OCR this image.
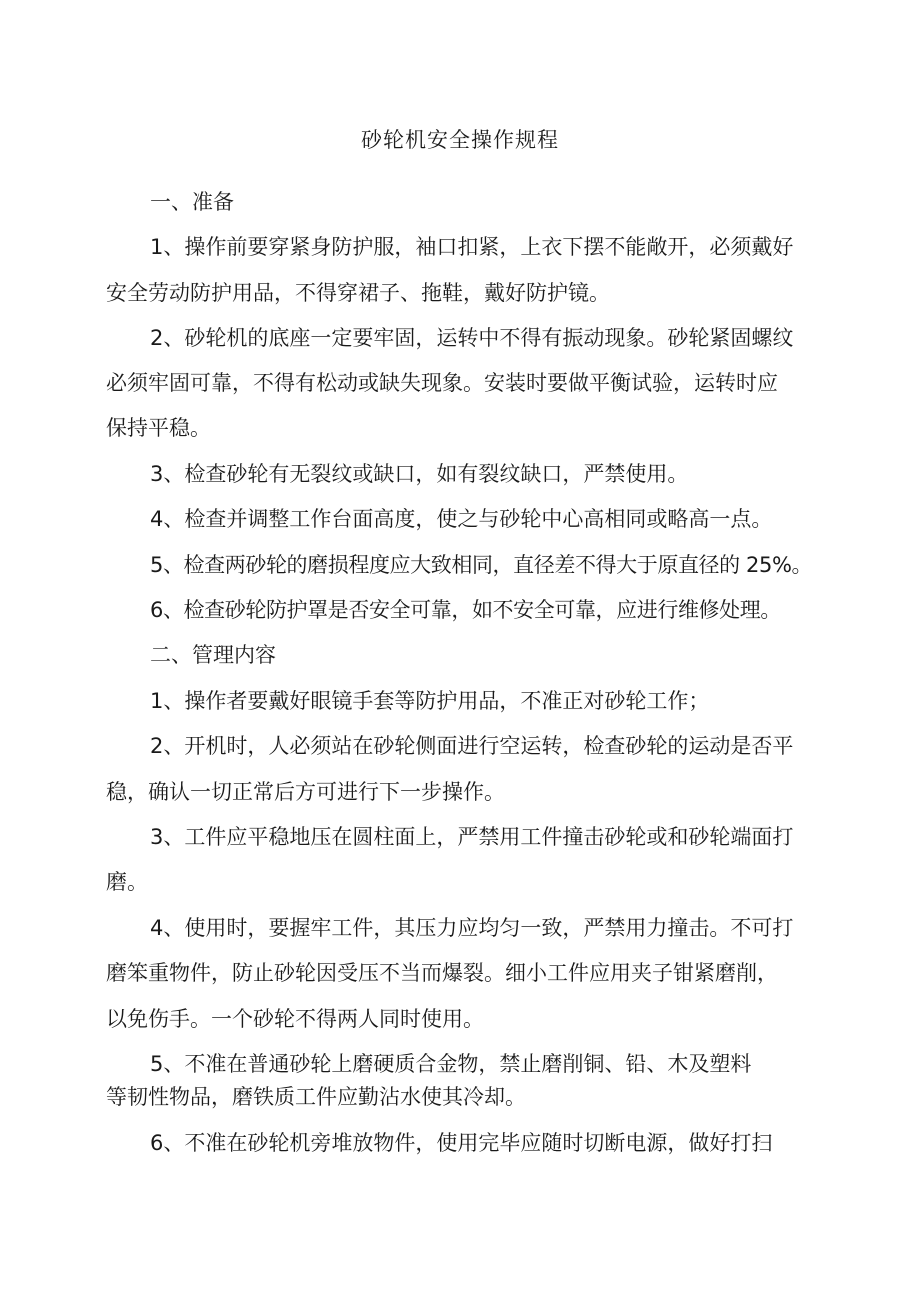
砂轮机安全操作规程
一、准备
1、操作前要穿紧身防护服，袖口扣紧，上衣下摆不能敞开，必须戴好
安全劳动防护用品，不得穿裙子、拖鞋，戴好防护镜。
2、砂轮机的底座一定要牢固，运转中不得有振动现象。砂轮紧固螺纹
必须牢固可靠，不得有松动或缺失现象。安装时要做平衡试验，运转时应
保持平稳。
3、检查砂轮有无裂纹或缺口，如有裂纹缺口，严禁使用。
4、检查并调整工作台面高度，使之与砂轮中心高相同或略高一点。
5、检查两砂轮的磨损程度应大致相同，直径差不得大于原直径的 25%。
6、检查砂轮防护罩是否安全可靠，如不安全可靠，应进行维修处理。
二、管理内容
1、操作者要戴好眼镜手套等防护用品，不准正对砂轮工作；
2、开机时，人必须站在砂轮侧面进行空运转，检查砂轮的运动是否平
稳，确认一切正常后方可进行下一步操作。
3、工件应平稳地压在圆柱面上，严禁用工件撞击砂轮或和砂轮端面打
磨。
4、使用时，要握牢工件，其压力应均匀一致，严禁用力撞击。不可打
磨笨重物件，防止砂轮因受压不当而爆裂。细小工件应用夹子钳紧磨削，
以免伤手。一个砂轮不得两人同时使用。
5、不准在普通砂轮上磨硬质合金物，禁止磨削铜、铅、木及塑料
等韧性物品，磨铁质工件应勤沾水使其冷却。
6、不准在砂轮机旁堆放物件，使用完毕应随时切断电源，做好打扫
